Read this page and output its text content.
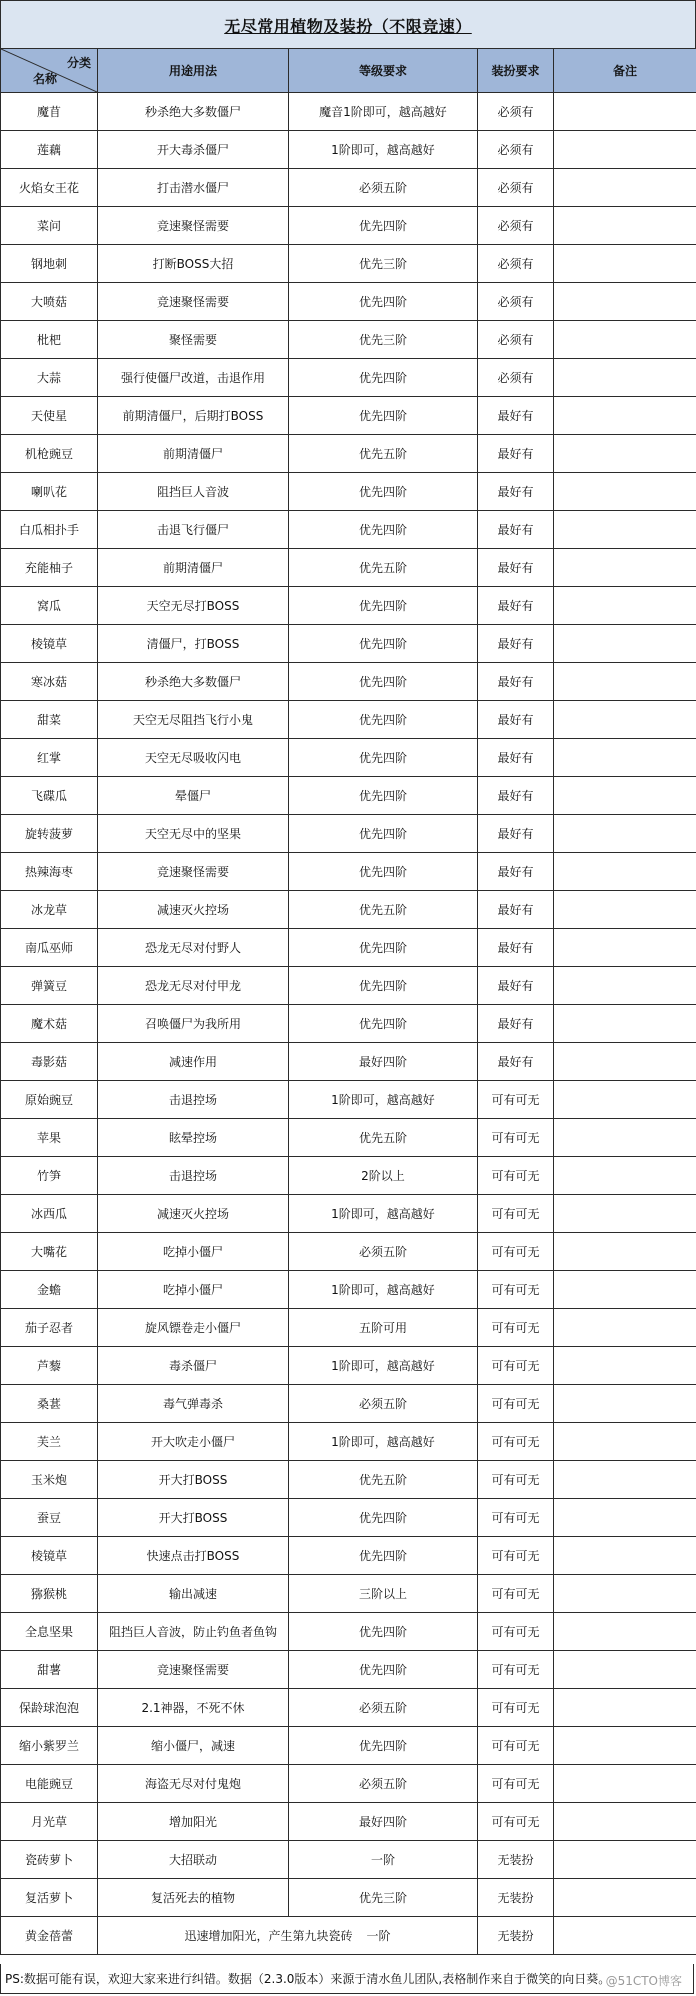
无尽常用植物及装扮（不限竞速）
分类
名称	用途用法	等级要求	装扮要求	备注
魔苜	秒杀绝大多数僵尸	魔音1阶即可，越高越好	必须有	
莲藕	开大毒杀僵尸	1阶即可，越高越好	必须有	
火焰女王花	打击潜水僵尸	必须五阶	必须有	
菜问	竞速聚怪需要	优先四阶	必须有	
钢地刺	打断BOSS大招	优先三阶	必须有	
大喷菇	竞速聚怪需要	优先四阶	必须有	
枇杷	聚怪需要	优先三阶	必须有	
大蒜	强行使僵尸改道，击退作用	优先四阶	必须有	
天使星	前期清僵尸，后期打BOSS	优先四阶	最好有	
机枪豌豆	前期清僵尸	优先五阶	最好有	
喇叭花	阻挡巨人音波	优先四阶	最好有	
白瓜相扑手	击退飞行僵尸	优先四阶	最好有	
充能柚子	前期清僵尸	优先五阶	最好有	
窝瓜	天空无尽打BOSS	优先四阶	最好有	
棱镜草	清僵尸，打BOSS	优先四阶	最好有	
寒冰菇	秒杀绝大多数僵尸	优先四阶	最好有	
甜菜	天空无尽阻挡飞行小鬼	优先四阶	最好有	
红掌	天空无尽吸收闪电	优先四阶	最好有	
飞碟瓜	晕僵尸	优先四阶	最好有	
旋转菠萝	天空无尽中的坚果	优先四阶	最好有	
热辣海枣	竞速聚怪需要	优先四阶	最好有	
冰龙草	减速灭火控场	优先五阶	最好有	
南瓜巫师	恐龙无尽对付野人	优先四阶	最好有	
弹簧豆	恐龙无尽对付甲龙	优先四阶	最好有	
魔术菇	召唤僵尸为我所用	优先四阶	最好有	
毒影菇	减速作用	最好四阶	最好有	
原始豌豆	击退控场	1阶即可，越高越好	可有可无	
苹果	眩晕控场	优先五阶	可有可无	
竹笋	击退控场	2阶以上	可有可无	
冰西瓜	减速灭火控场	1阶即可，越高越好	可有可无	
大嘴花	吃掉小僵尸	必须五阶	可有可无	
金蟾	吃掉小僵尸	1阶即可，越高越好	可有可无	
茄子忍者	旋风镖卷走小僵尸	五阶可用	可有可无	
芦藜	毒杀僵尸	1阶即可，越高越好	可有可无	
桑葚	毒气弹毒杀	必须五阶	可有可无	
芙兰	开大吹走小僵尸	1阶即可，越高越好	可有可无	
玉米炮	开大打BOSS	优先五阶	可有可无	
蚕豆	开大打BOSS	优先四阶	可有可无	
棱镜草	快速点击打BOSS	优先四阶	可有可无	
猕猴桃	输出减速	三阶以上	可有可无	
全息坚果	阻挡巨人音波，防止钓鱼者鱼钩	优先四阶	可有可无	
甜薯	竞速聚怪需要	优先四阶	可有可无	
保龄球泡泡	2.1神器，不死不休	必须五阶	可有可无	
缩小紫罗兰	缩小僵尸，减速	优先四阶	可有可无	
电能豌豆	海盗无尽对付鬼炮	必须五阶	可有可无	
月光草	增加阳光	最好四阶	可有可无	
瓷砖萝卜	大招联动	一阶	无装扮	
复活萝卜	复活死去的植物	优先三阶	无装扮	
黄金蓓蕾	迅速增加阳光，产生第九块瓷砖 一阶		无装扮	
PS:数据可能有误，欢迎大家来进行纠错。数据（2.3.0版本）来源于清水鱼儿团队,表格制作来自于微笑的向日葵。
@51CTO博客
